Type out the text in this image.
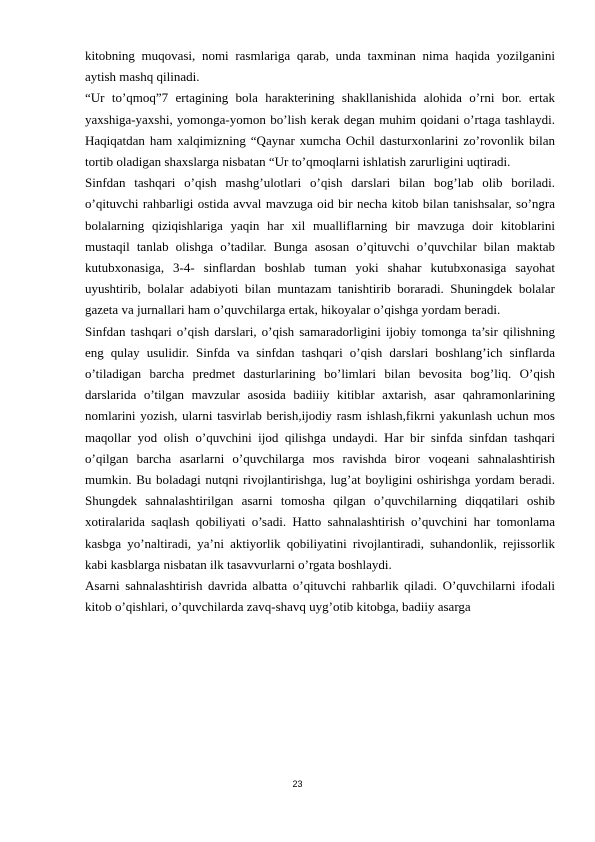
kitobning muqovasi, nomi rasmlariga qarab, unda taxminan nima haqida yozilganini aytish mashq qilinadi.

“Ur to’qmoq”7 ertagining bola harakterining shakllanishida alohida o’rni bor. ertak yaxshiga-yaxshi, yomonga-yomon bo’lish kerak degan muhim qoidani o’rtaga tashlaydi. Haqiqatdan ham xalqimizning “Qaynar xumcha Ochil dasturxonlarini zo’rovonlik bilan tortib oladigan shaxslarga nisbatan “Ur to’qmoqlarni ishlatish zarurligini uqtiradi.

Sinfdan tashqari o’qish mashg’ulotlari o’qish darslari bilan bog’lab olib boriladi. o’qituvchi rahbarligi ostida avval mavzuga oid bir necha kitob bilan tanishsalar, so’ngra bolalarning qiziqishlariga yaqin har xil mualliflarning bir mavzuga doir kitoblarini mustaqil tanlab olishga o’tadilar. Bunga asosan o’qituvchi o’quvchilar bilan maktab kutubxonasiga, 3-4- sinflardan boshlab tuman yoki shahar kutubxonasiga sayohat uyushtirib, bolalar adabiyoti bilan muntazam tanishtirib boraradi. Shuningdek bolalar gazeta va jurnallari ham o’quvchilarga ertak, hikoyalar o’qishga yordam beradi.

Sinfdan tashqari o’qish darslari, o’qish samaradorligini ijobiy tomonga ta’sir qilishning eng qulay usulidir. Sinfda va sinfdan tashqari o’qish darslari boshlang’ich sinflarda o’tiladigan barcha predmet dasturlarining bo’limlari bilan bevosita bog’liq. O’qish darslarida o’tilgan mavzular asosida badiiiy kitiblar axtarish, asar qahramonlarining nomlarini yozish, ularni tasvirlab berish,ijodiy rasm ishlash,fikrni yakunlash uchun mos maqollar yod olish o’quvchini ijod qilishga undaydi. Har bir sinfda sinfdan tashqari o’qilgan barcha asarlarni o’quvchilarga mos ravishda biror voqeani sahnalashtirish mumkin. Bu boladagi nutqni rivojlantirishga, lug’at boyligini oshirishga yordam beradi. Shungdek sahnalashtirilgan asarni tomosha qilgan o’quvchilarning diqqatilari oshib xotiralarida saqlash qobiliyati o’sadi. Hatto sahnalashtirish o’quvchini har tomonlama kasbga yo’naltiradi, ya’ni aktiyorlik qobiliyatini rivojlantiradi, suhandonlik, rejissorlik kabi kasblarga nisbatan ilk tasavvurlarni o’rgata boshlaydi.

Asarni sahnalashtirish davrida albatta o’qituvchi rahbarlik qiladi. O’quvchilarni ifodali kitob o’qishlari, o’quvchilarda zavq-shavq uyg’otib kitobga, badiiy asarga

23
